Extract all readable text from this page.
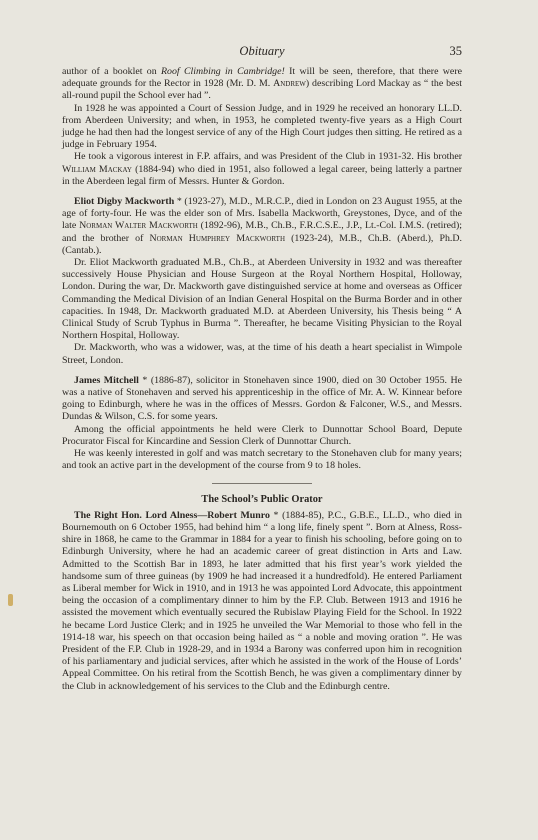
Obituary	35

author of a booklet on Roof Climbing in Cambridge! It will be seen, therefore, that there were adequate grounds for the Rector in 1928 (Mr. D. M. Andrew) describing Lord Mackay as “ the best all-round pupil the School ever had ”.

In 1928 he was appointed a Court of Session Judge, and in 1929 he received an honorary LL.D. from Aberdeen University; and when, in 1953, he completed twenty-five years as a High Court judge he had then had the longest service of any of the High Court judges then sitting. He retired as a judge in February 1954.

He took a vigorous interest in F.P. affairs, and was President of the Club in 1931-32. His brother William Mackay (1884-94) who died in 1951, also followed a legal career, being latterly a partner in the Aberdeen legal firm of Messrs. Hunter & Gordon.

Eliot Digby Mackworth * (1923-27), M.D., M.R.C.P., died in London on 23 August 1955, at the age of forty-four. He was the elder son of Mrs. Isabella Mackworth, Greystones, Dyce, and of the late Norman Walter Mackworth (1892-96), M.B., Ch.B., F.R.C.S.E., J.P., Lt.-Col. I.M.S. (retired); and the brother of Norman Humphrey Mackworth (1923-24), M.B., Ch.B. (Aberd.), Ph.D. (Cantab.).

Dr. Eliot Mackworth graduated M.B., Ch.B., at Aberdeen University in 1932 and was thereafter successively House Physician and House Surgeon at the Royal Northern Hospital, Holloway, London. During the war, Dr. Mackworth gave distinguished service at home and overseas as Officer Commanding the Medical Division of an Indian General Hospital on the Burma Border and in other capacities. In 1948, Dr. Mackworth graduated M.D. at Aberdeen University, his Thesis being “ A Clinical Study of Scrub Typhus in Burma ”. Thereafter, he became Visiting Physician to the Royal Northern Hospital, Holloway.

Dr. Mackworth, who was a widower, was, at the time of his death a heart specialist in Wimpole Street, London.

James Mitchell * (1886-87), solicitor in Stonehaven since 1900, died on 30 October 1955. He was a native of Stonehaven and served his apprenticeship in the office of Mr. A. W. Kinnear before going to Edinburgh, where he was in the offices of Messrs. Gordon & Falconer, W.S., and Messrs. Dundas & Wilson, C.S. for some years.

Among the official appointments he held were Clerk to Dunnottar School Board, Depute Procurator Fiscal for Kincardine and Session Clerk of Dunnottar Church.

He was keenly interested in golf and was match secretary to the Stonehaven club for many years; and took an active part in the development of the course from 9 to 18 holes.

The School’s Public Orator

The Right Hon. Lord Alness—Robert Munro * (1884-85), P.C., G.B.E., LL.D., who died in Bournemouth on 6 October 1955, had behind him “ a long life, finely spent ”. Born at Alness, Ross-shire in 1868, he came to the Grammar in 1884 for a year to finish his schooling, before going on to Edinburgh University, where he had an academic career of great distinction in Arts and Law. Admitted to the Scottish Bar in 1893, he later admitted that his first year’s work yielded the handsome sum of three guineas (by 1909 he had increased it a hundredfold). He entered Parliament as Liberal member for Wick in 1910, and in 1913 he was appointed Lord Advocate, this appointment being the occasion of a complimentary dinner to him by the F.P. Club. Between 1913 and 1916 he assisted the movement which eventually secured the Rubislaw Playing Field for the School. In 1922 he became Lord Justice Clerk; and in 1925 he unveiled the War Memorial to those who fell in the 1914-18 war, his speech on that occasion being hailed as “ a noble and moving oration ”. He was President of the F.P. Club in 1928-29, and in 1934 a Barony was conferred upon him in recognition of his parliamentary and judicial services, after which he assisted in the work of the House of Lords’ Appeal Committee. On his retiral from the Scottish Bench, he was given a complimentary dinner by the Club in acknowledgement of his services to the Club and the Edinburgh centre.
